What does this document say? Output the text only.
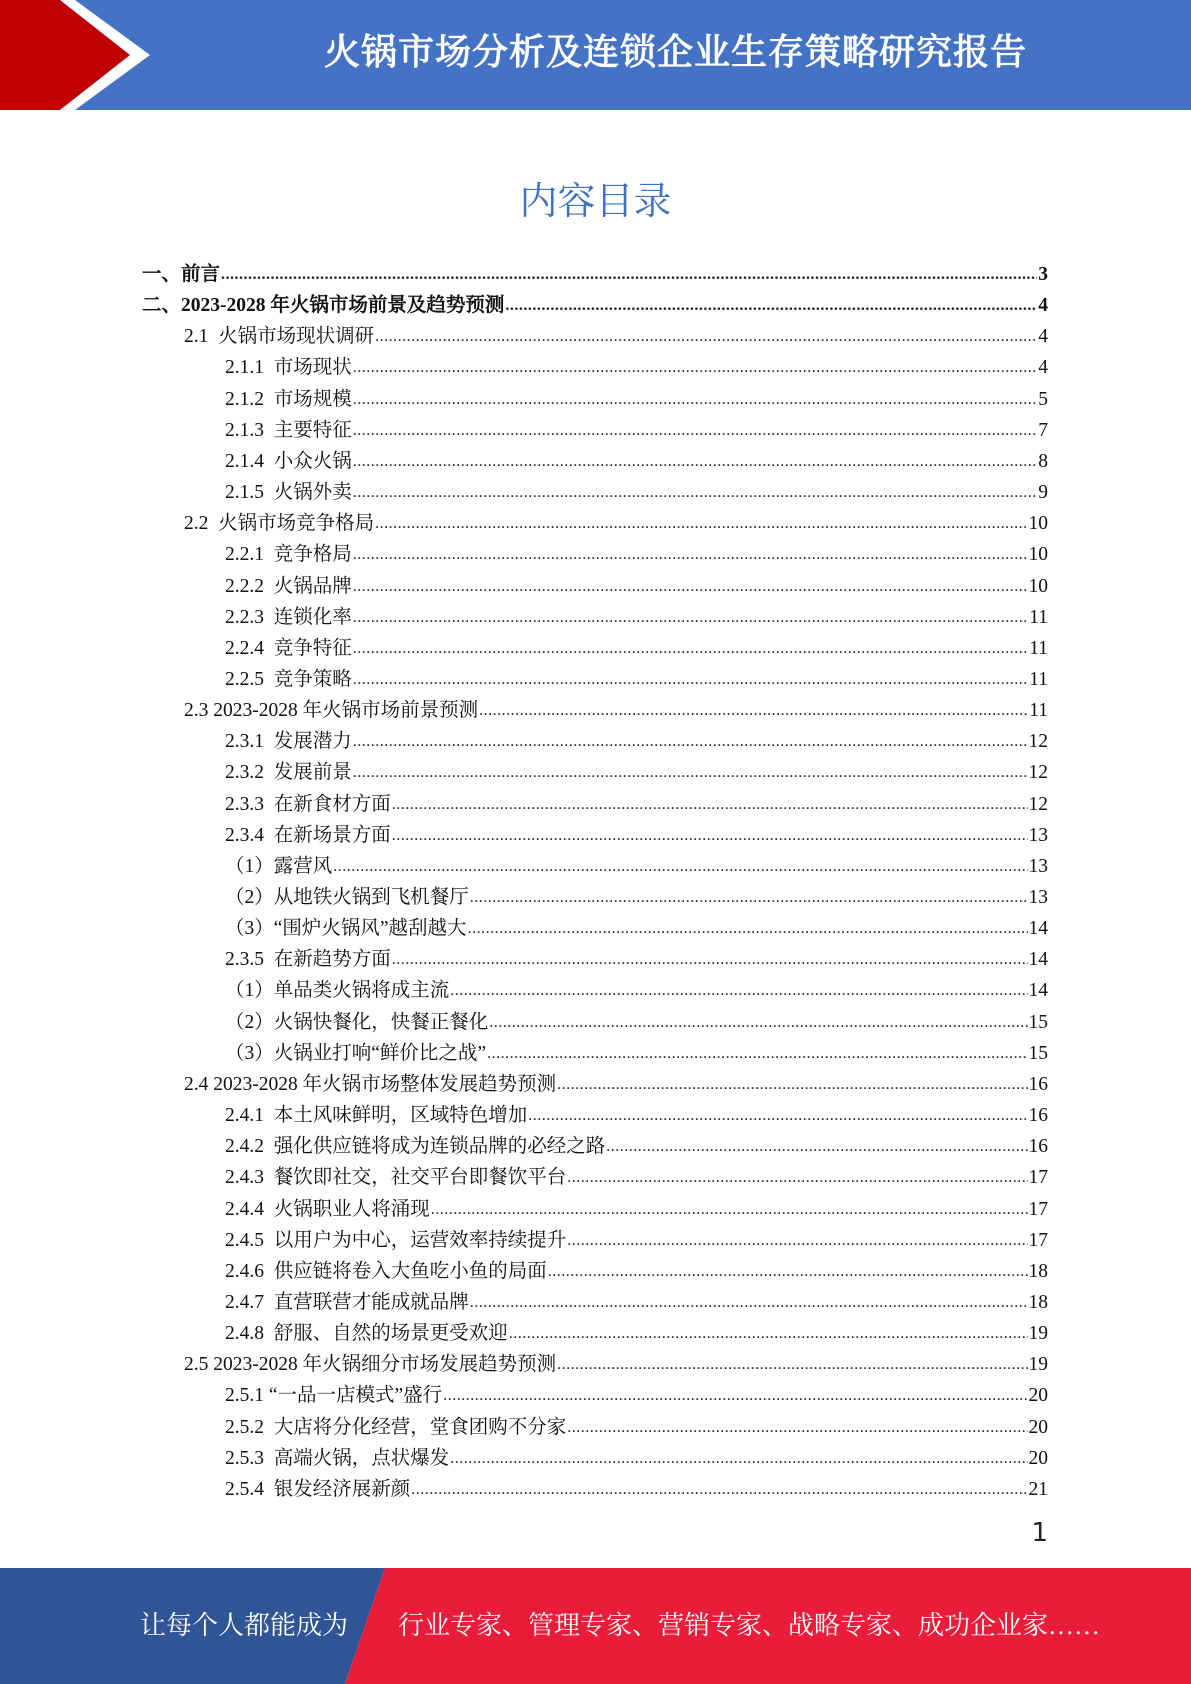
火锅市场分析及连锁企业生存策略研究报告
内容目录
一、前言 .....	3
二、2023-2028 年火锅市场前景及趋势预测 .....	4
2.1  火锅市场现状调研 .....	4
2.1.1  市场现状 .....	4
2.1.2  市场规模 .....	5
2.1.3  主要特征 .....	7
2.1.4  小众火锅 .....	8
2.1.5  火锅外卖 .....	9
2.2  火锅市场竞争格局 .....	10
2.2.1  竞争格局 .....	10
2.2.2  火锅品牌 .....	10
2.2.3  连锁化率 .....	11
2.2.4  竞争特征 .....	11
2.2.5  竞争策略 .....	11
2.3 2023-2028 年火锅市场前景预测 .....	11
2.3.1  发展潜力 .....	12
2.3.2  发展前景 .....	12
2.3.3  在新食材方面 .....	12
2.3.4  在新场景方面 .....	13
（1）露营风 .....	13
（2）从地铁火锅到飞机餐厅 .....	13
（3）“围炉火锅风”越刮越大 .....	14
2.3.5  在新趋势方面 .....	14
（1）单品类火锅将成主流 .....	14
（2）火锅快餐化，快餐正餐化 .....	15
（3）火锅业打响“鲜价比之战” .....	15
2.4 2023-2028 年火锅市场整体发展趋势预测 .....	16
2.4.1  本土风味鲜明，区域特色增加 .....	16
2.4.2  强化供应链将成为连锁品牌的必经之路 .....	16
2.4.3  餐饮即社交，社交平台即餐饮平台 .....	17
2.4.4  火锅职业人将涌现 .....	17
2.4.5  以用户为中心，运营效率持续提升 .....	17
2.4.6  供应链将卷入大鱼吃小鱼的局面 .....	18
2.4.7  直营联营才能成就品牌 .....	18
2.4.8  舒服、自然的场景更受欢迎 .....	19
2.5 2023-2028 年火锅细分市场发展趋势预测 .....	19
2.5.1 “一品一店模式”盛行 .....	20
2.5.2  大店将分化经营，堂食团购不分家 .....	20
2.5.3  高端火锅，点状爆发 .....	20
2.5.4  银发经济展新颜 .....	21
1
让每个人都能成为 行业专家、管理专家、营销专家、战略专家、成功企业家……
